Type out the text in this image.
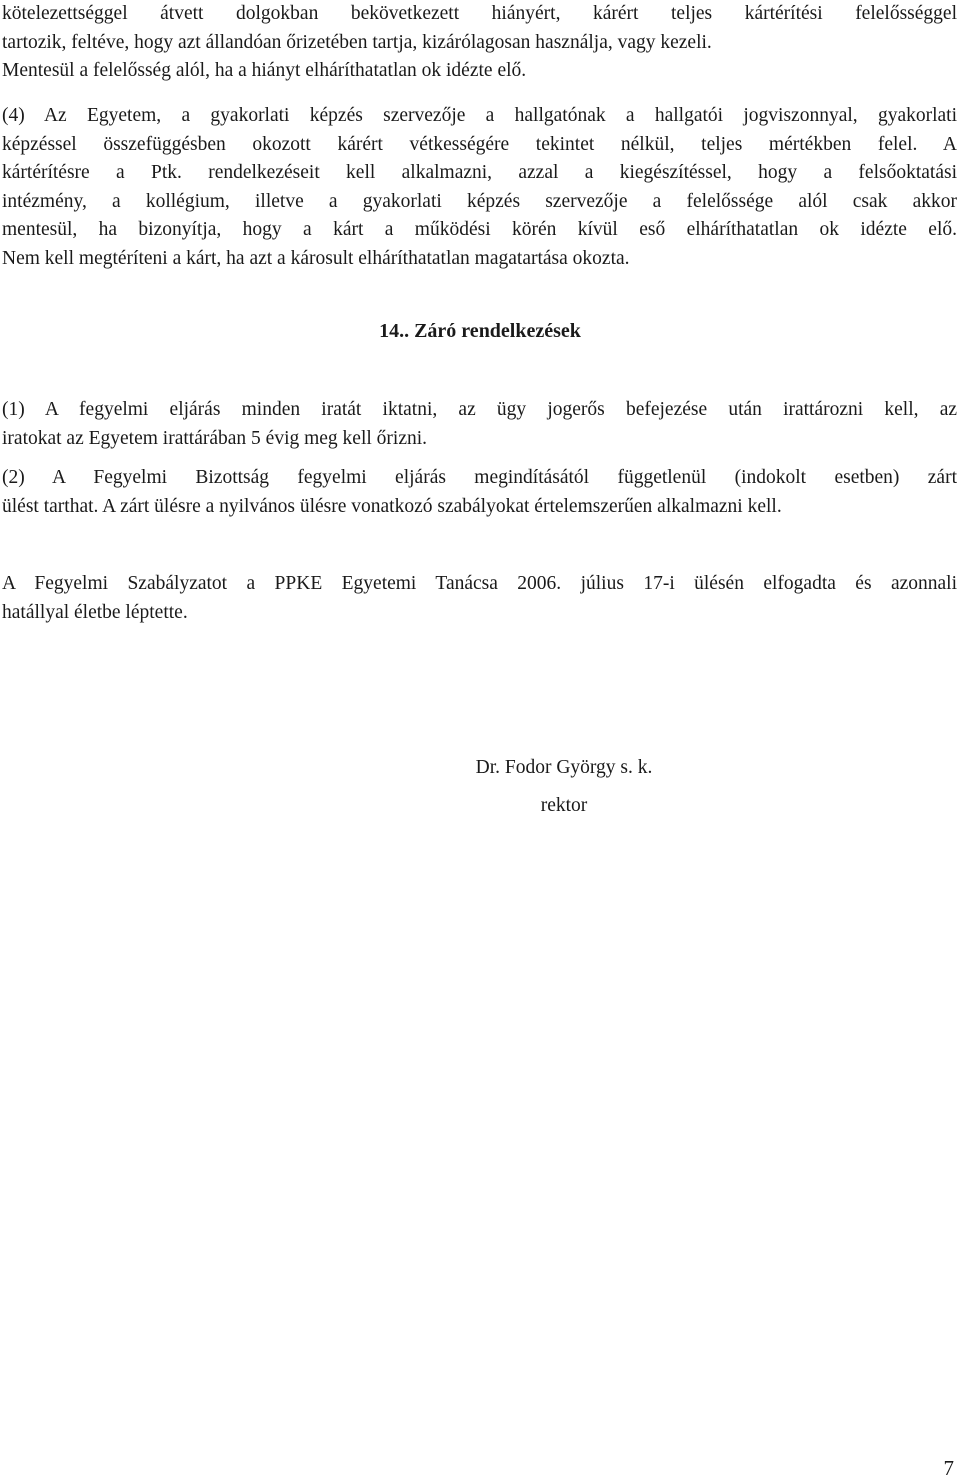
kötelezettséggel átvett dolgokban bekövetkezett hiányért, kárért teljes kártérítési felelősséggel
tartozik, feltéve, hogy azt állandóan őrizetében tartja, kizárólagosan használja, vagy kezeli.
Mentesül a felelősség alól, ha a hiányt elháríthatatlan ok idézte elő.
(4) Az Egyetem, a gyakorlati képzés szervezője a hallgatónak a hallgatói jogviszonnyal, gyakorlati
képzéssel összefüggésben okozott kárért vétkességére tekintet nélkül, teljes mértékben felel. A
kártérítésre a Ptk. rendelkezéseit kell alkalmazni, azzal a kiegészítéssel, hogy a felsőoktatási
intézmény, a kollégium, illetve a gyakorlati képzés szervezője a felelőssége alól csak akkor
mentesül, ha bizonyítja, hogy a kárt a működési körén kívül eső elháríthatatlan ok idézte elő.
Nem kell megtéríteni a kárt, ha azt a károsult elháríthatatlan magatartása okozta.
14.. Záró rendelkezések
(1) A fegyelmi eljárás minden iratát iktatni, az ügy jogerős befejezése után irattározni kell, az
iratokat az Egyetem irattárában 5 évig meg kell őrizni.
(2) A Fegyelmi Bizottság fegyelmi eljárás megindításától függetlenül (indokolt esetben) zárt
ülést tarthat. A zárt ülésre a nyilvános ülésre vonatkozó szabályokat értelemszerűen alkalmazni kell.
A Fegyelmi Szabályzatot a PPKE Egyetemi Tanácsa 2006. július 17-i ülésén elfogadta és azonnali
hatállyal életbe léptette.

Dr. Fodor György s. k.

rektor

7
